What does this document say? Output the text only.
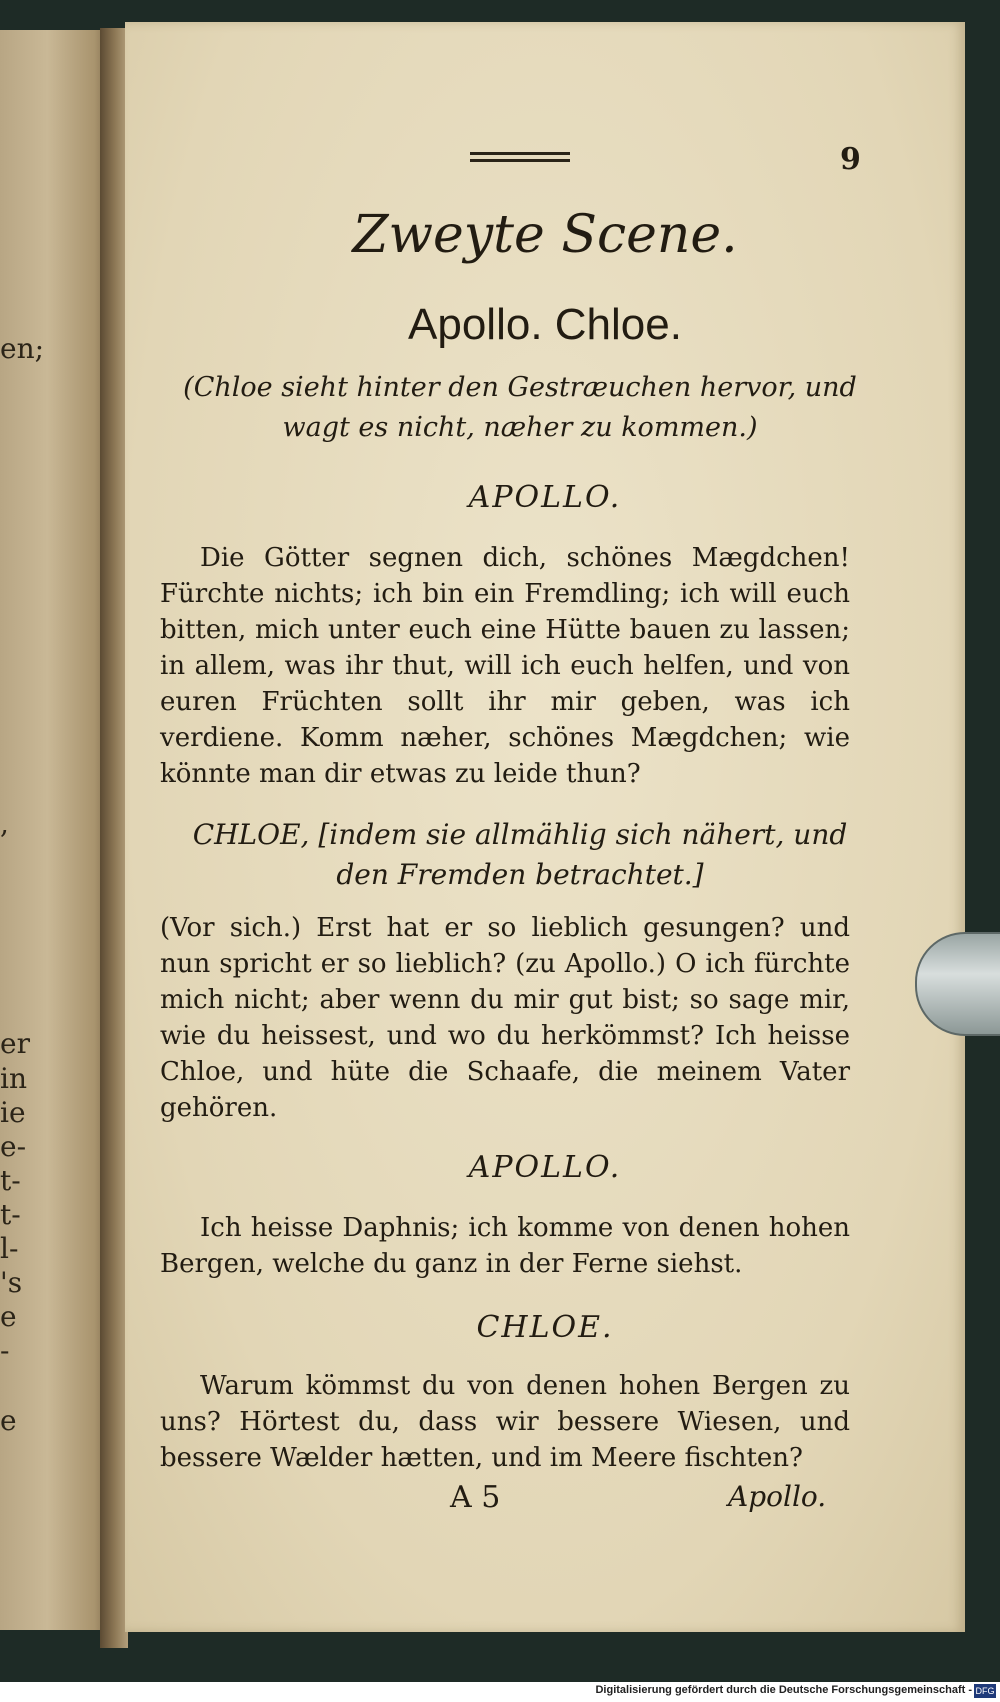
en;
,
er
in
ie
e-
t-
t-
l-
's
e
-
e
9
Zweyte Scene.
Apollo. Chloe.
(Chloe sieht hinter den Gestræuchen hervor, und wagt es nicht, næher zu kommen.)
APOLLO.
Die Götter segnen dich, schönes Mægdchen! Fürchte nichts; ich bin ein Fremdling; ich will euch bitten, mich unter euch eine Hütte bauen zu lassen; in allem, was ihr thut, will ich euch helfen, und von euren Früchten sollt ihr mir geben, was ich verdiene. Komm næher, schönes Mægdchen; wie könnte man dir etwas zu leide thun?
CHLOE, [indem sie allmählig sich nähert, und den Fremden betrachtet.]
(Vor sich.) Erst hat er so lieblich gesungen? und nun spricht er so lieblich? (zu Apollo.) O ich fürchte mich nicht; aber wenn du mir gut bist; so sage mir, wie du heissest, und wo du herkömmst? Ich heisse Chloe, und hüte die Schaafe, die meinem Vater gehören.
APOLLO.
Ich heisse Daphnis; ich komme von denen hohen Bergen, welche du ganz in der Ferne siehst.
CHLOE.
Warum kömmst du von denen hohen Bergen zu uns? Hörtest du, dass wir bessere Wiesen, und bessere Wælder hætten, und im Meere fischten?
A 5	Apollo.
Digitalisierung gefördert durch die Deutsche Forschungsgemeinschaft - DFG
